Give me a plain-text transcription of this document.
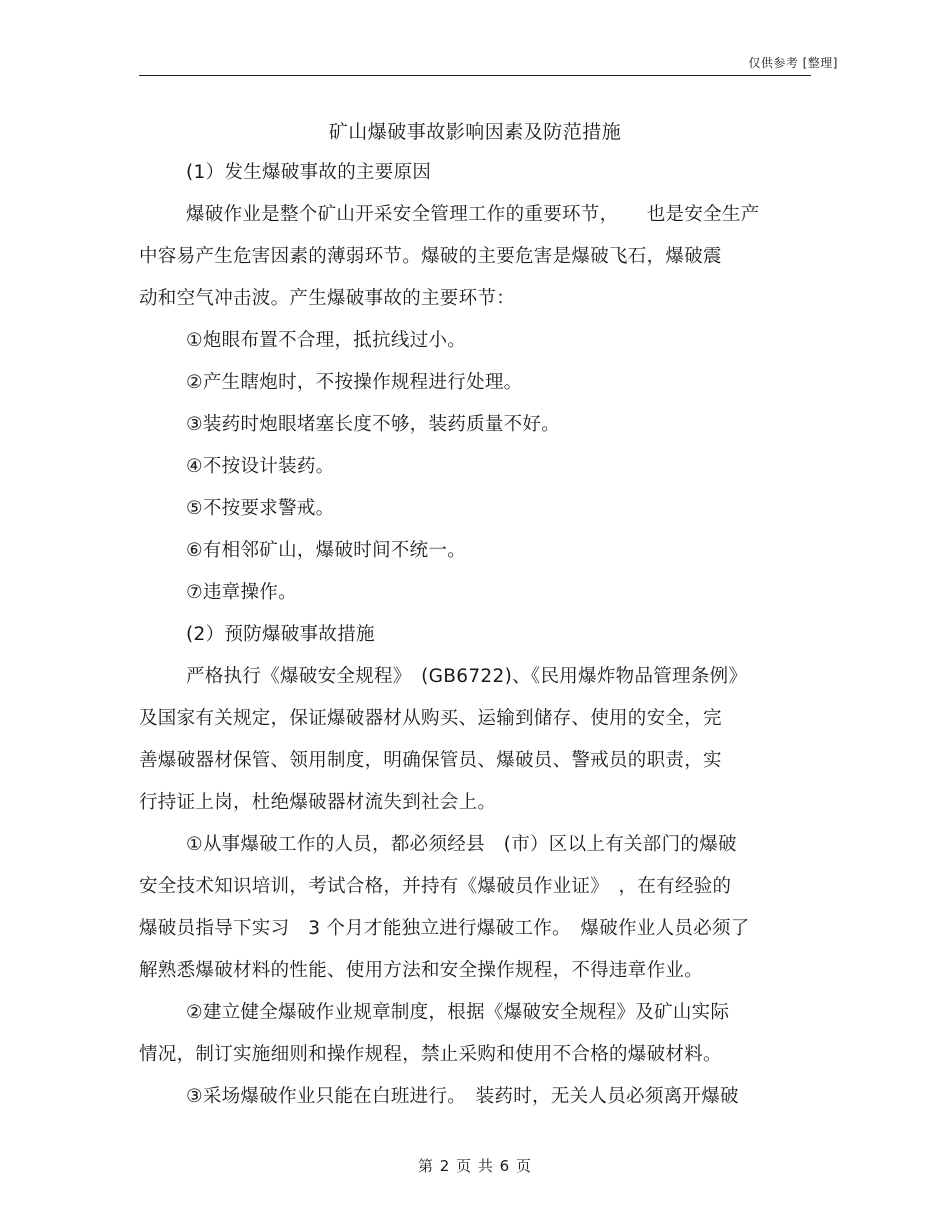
仅供参考 [整理]
矿山爆破事故影响因素及防范措施
(1）发生爆破事故的主要原因
爆破作业是整个矿山开采安全管理工作的重要环节，　　也是安全生产
中容易产生危害因素的薄弱环节。爆破的主要危害是爆破飞石，爆破震
动和空气冲击波。产生爆破事故的主要环节：
①炮眼布置不合理，抵抗线过小。
②产生瞎炮时，不按操作规程进行处理。
③装药时炮眼堵塞长度不够，装药质量不好。
④不按设计装药。
⑤不按要求警戒。
⑥有相邻矿山，爆破时间不统一。
⑦违章操作。
(2）预防爆破事故措施
严格执行《爆破安全规程》　(GB6722)、《民用爆炸物品管理条例》
及国家有关规定，保证爆破器材从购买、运输到储存、使用的安全，完
善爆破器材保管、领用制度，明确保管员、爆破员、警戒员的职责，实
行持证上岗，杜绝爆破器材流失到社会上。
①从事爆破工作的人员，都必须经县　(市）区以上有关部门的爆破
安全技术知识培训，考试合格，并持有《爆破员作业证》　，在有经验的
爆破员指导下实习　3 个月才能独立进行爆破工作。　爆破作业人员必须了
解熟悉爆破材料的性能、使用方法和安全操作规程，不得违章作业。
②建立健全爆破作业规章制度，根据《爆破安全规程》及矿山实际
情况，制订实施细则和操作规程，禁止采购和使用不合格的爆破材料。
③采场爆破作业只能在白班进行。　装药时，无关人员必须离开爆破
第 2 页 共 6 页
